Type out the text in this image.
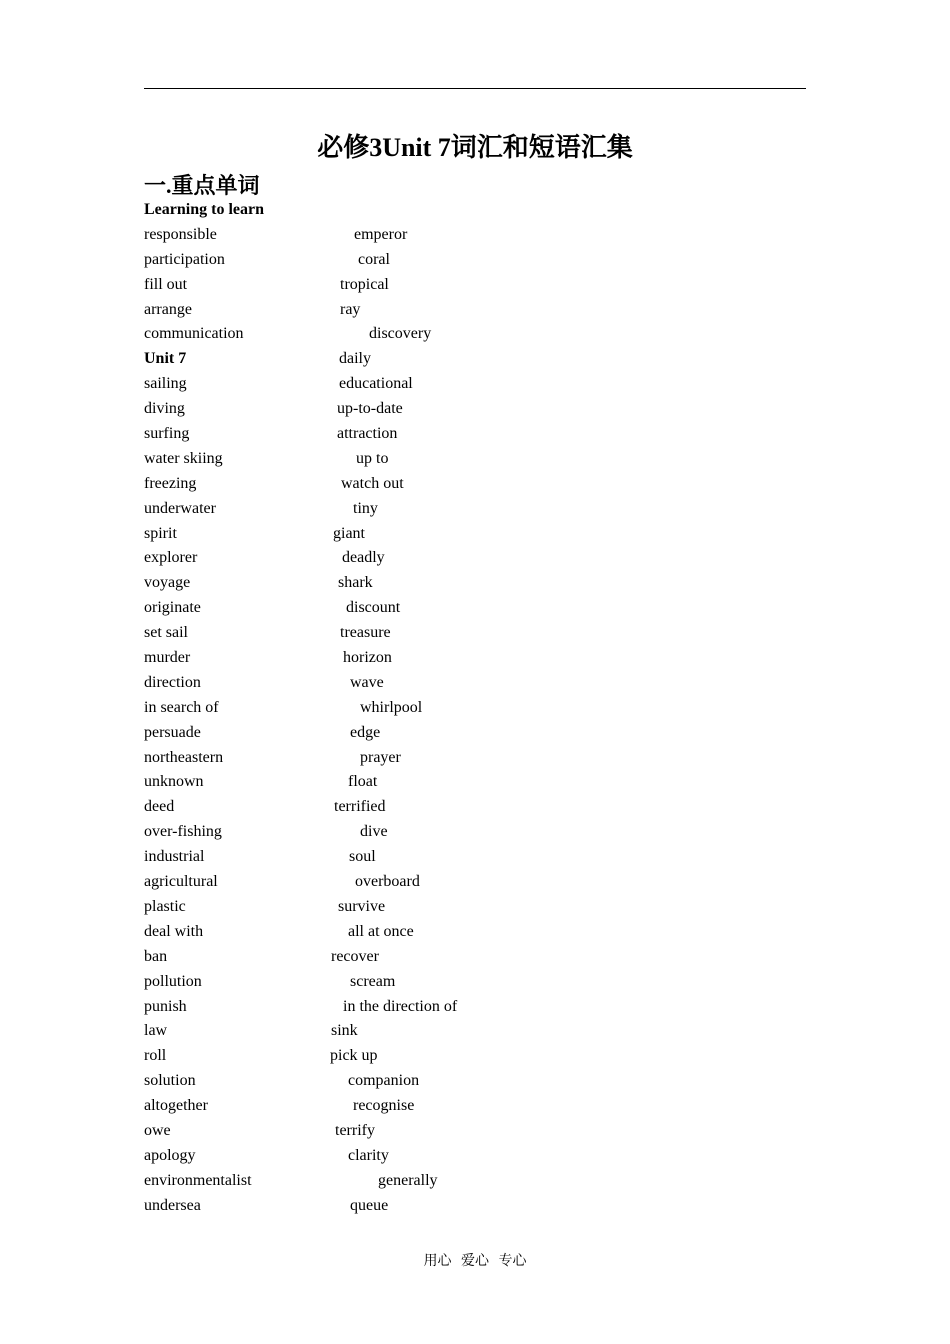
必修3Unit 7词汇和短语汇集
一.重点单词
Learning to learn
responsible	emperor
participation	coral
fill out	tropical
arrange	ray
communication	discovery
Unit 7	daily
sailing	educational
diving	up-to-date
surfing	attraction
water skiing	up to
freezing	watch out
underwater	tiny
spirit	giant
explorer	deadly
voyage	shark
originate	discount
set sail	treasure
murder	horizon
direction	wave
in search of	whirlpool
persuade	edge
northeastern	prayer
unknown	float
deed	terrified
over-fishing	dive
industrial	soul
agricultural	overboard
plastic	survive
deal with	all at once
ban	recover
pollution	scream
punish	in the direction of
law	sink
roll	pick up
solution	companion
altogether	recognise
owe	terrify
apology	clarity
environmentalist	generally
undersea	queue
用心 爱心 专心
